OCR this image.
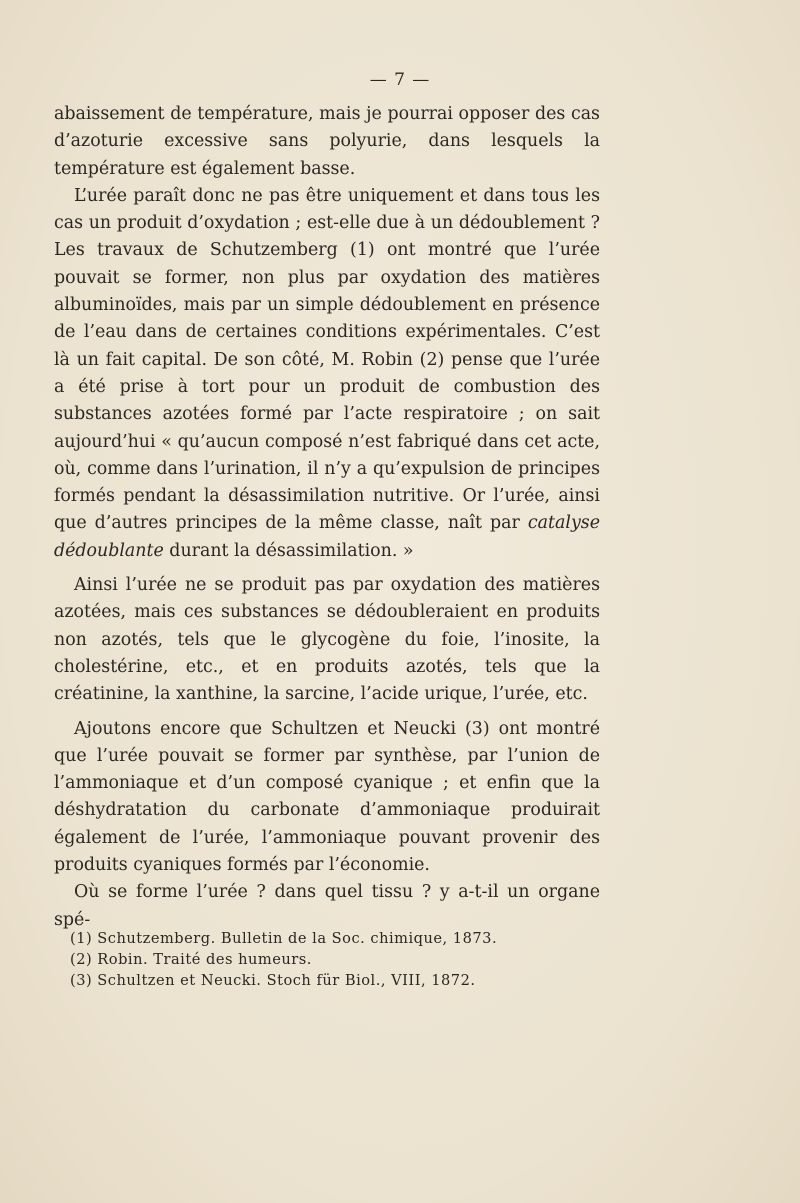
— 7 —

abaissement de température, mais je pourrai opposer des cas d’azoturie excessive sans polyurie, dans lesquels la température est également basse.

L’urée paraît donc ne pas être uniquement et dans tous les cas un produit d’oxydation ; est-elle due à un dédoublement ? Les travaux de Schutzemberg (1) ont montré que l’urée pouvait se former, non plus par oxydation des matières albuminoïdes, mais par un simple dédoublement en présence de l’eau dans de certaines conditions expérimentales. C’est là un fait capital. De son côté, M. Robin (2) pense que l’urée a été prise à tort pour un produit de combustion des substances azotées formé par l’acte respiratoire ; on sait aujourd’hui « qu’aucun composé n’est fabriqué dans cet acte, où, comme dans l’urination, il n’y a qu’expulsion de principes formés pendant la désassimilation nutritive. Or l’urée, ainsi que d’autres principes de la même classe, naît par catalyse dédoublante durant la désassimilation. »

Ainsi l’urée ne se produit pas par oxydation des matières azotées, mais ces substances se dédoubleraient en produits non azotés, tels que le glycogène du foie, l’inosite, la cholestérine, etc., et en produits azotés, tels que la créatinine, la xanthine, la sarcine, l’acide urique, l’urée, etc.

Ajoutons encore que Schultzen et Neucki (3) ont montré que l’urée pouvait se former par synthèse, par l’union de l’ammoniaque et d’un composé cyanique ; et enfin que la déshydratation du carbonate d’ammoniaque produirait également de l’urée, l’ammoniaque pouvant provenir des produits cyaniques formés par l’économie.

Où se forme l’urée ? dans quel tissu ? y a-t-il un organe spé-

(1) Schutzemberg. Bulletin de la Soc. chimique, 1873.
(2) Robin. Traité des humeurs.
(3) Schultzen et Neucki. Stoch für Biol., VIII, 1872.
